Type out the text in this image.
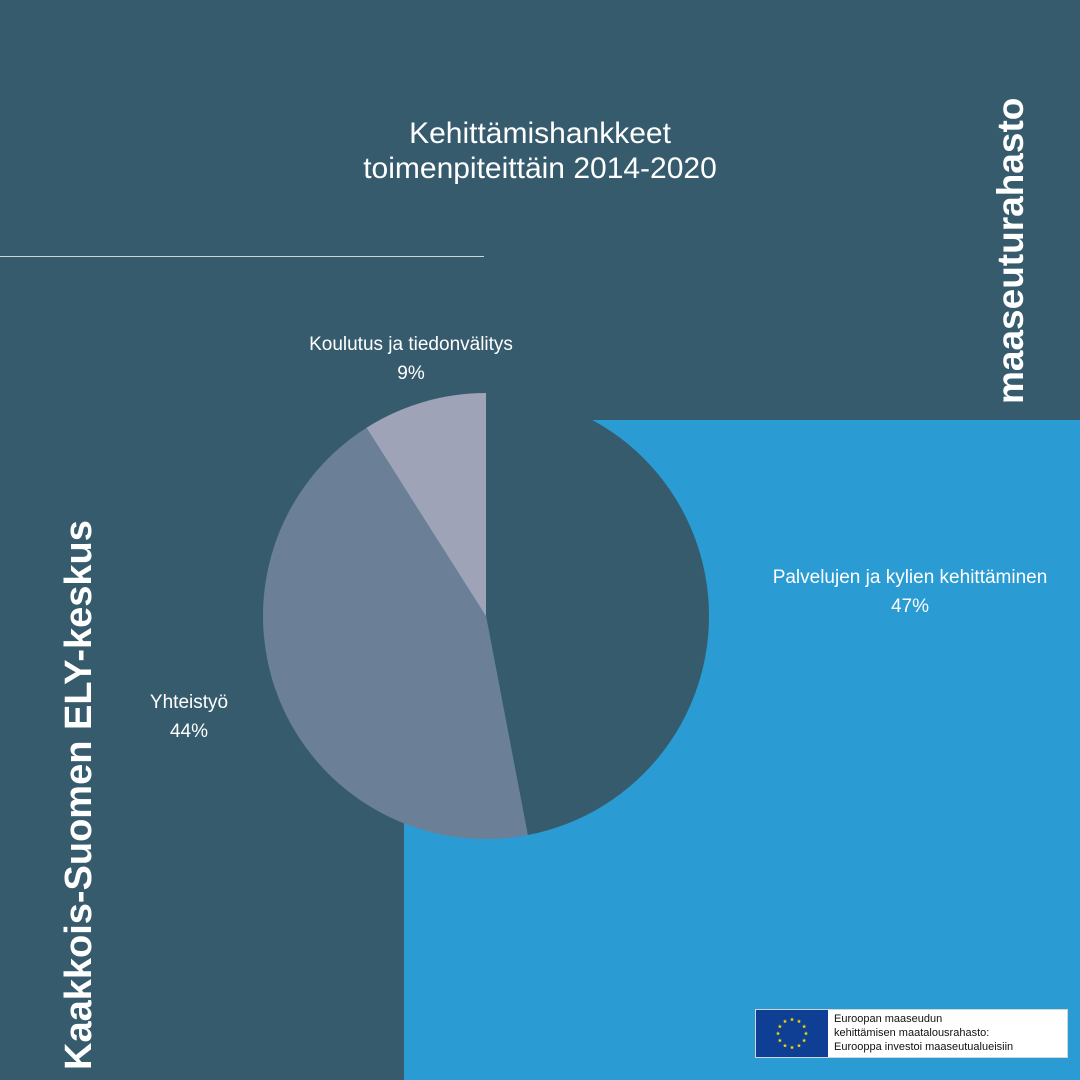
Kehittämishankkeet
toimenpiteittäin 2014-2020
Palvelujen ja kylien kehittäminen
47%
Yhteistyö
44%
Koulutus ja tiedonvälitys
9%
Kaakkois-Suomen ELY-keskus
maaseuturahasto
Euroopan maaseudun
kehittämisen maatalousrahasto:
Eurooppa investoi maaseutualueisiin
